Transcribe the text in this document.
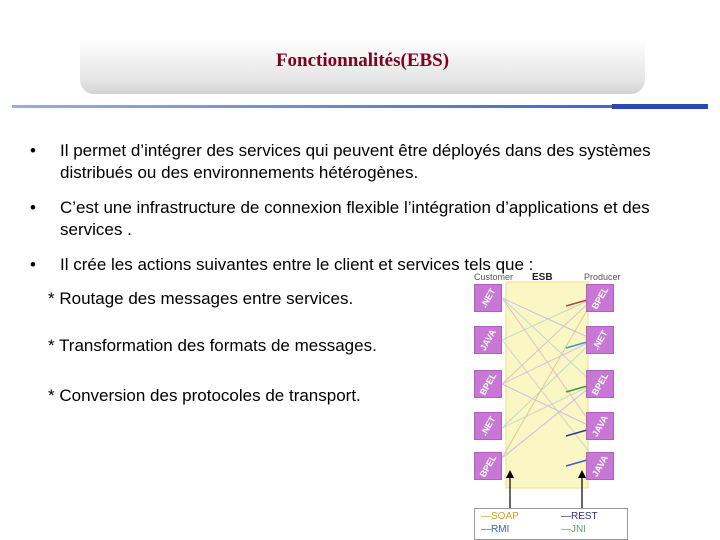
Fonctionnalités(EBS)
•	Il permet d’intégrer des services qui peuvent être déployés dans des systèmes distribués ou des environnements hétérogènes.
•	C’est une infrastructure de connexion flexible l’intégration d’applications et des services .
•	Il crée les actions suivantes entre le client et services tels que :
* Routage des messages entre services.
* Transformation des formats de messages.
* Conversion des protocoles de transport.
Customer ESB	Producer
.NET
JAVA
BPEL
.NET
BPEL
BPEL
.NET
BPEL
JAVA
JAVA
—SOAP	—REST
—RMI	—JNI
